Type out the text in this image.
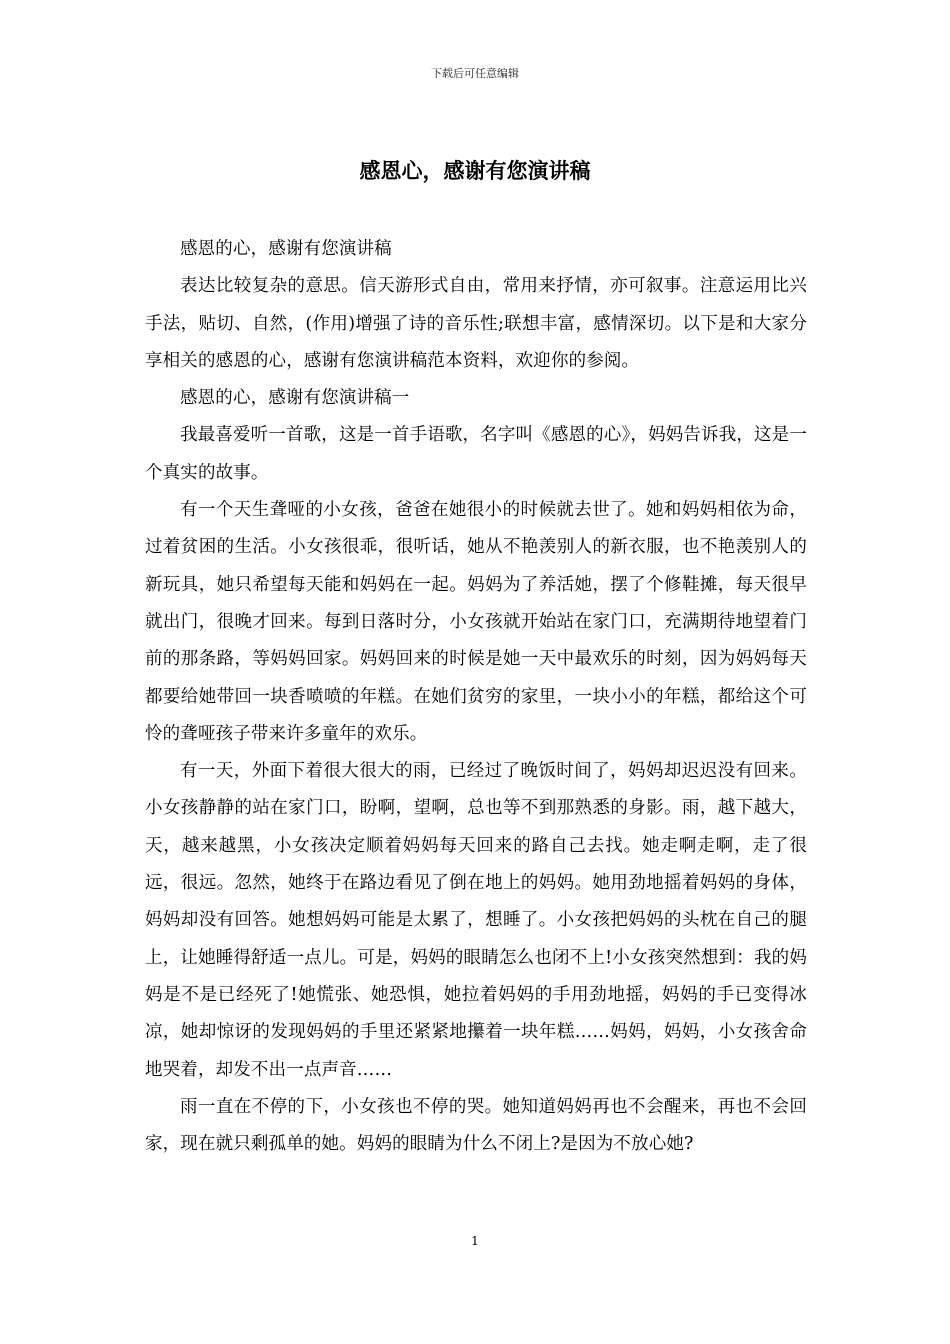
下载后可任意编辑
感恩心，感谢有您演讲稿

感恩的心，感谢有您演讲稿

表达比较复杂的意思。信天游形式自由，常用来抒情，亦可叙事。注意运用比兴手法，贴切、自然，(作用)增强了诗的音乐性;联想丰富，感情深切。以下是和大家分享相关的感恩的心，感谢有您演讲稿范本资料，欢迎你的参阅。

感恩的心，感谢有您演讲稿一

我最喜爱听一首歌，这是一首手语歌，名字叫《感恩的心》，妈妈告诉我，这是一个真实的故事。

有一个天生聋哑的小女孩，爸爸在她很小的时候就去世了。她和妈妈相依为命，过着贫困的生活。小女孩很乖，很听话，她从不艳羡别人的新衣服，也不艳羡别人的新玩具，她只希望每天能和妈妈在一起。妈妈为了养活她，摆了个修鞋摊，每天很早就出门，很晚才回来。每到日落时分，小女孩就开始站在家门口，充满期待地望着门前的那条路，等妈妈回家。妈妈回来的时候是她一天中最欢乐的时刻，因为妈妈每天都要给她带回一块香喷喷的年糕。在她们贫穷的家里，一块小小的年糕，都给这个可怜的聋哑孩子带来许多童年的欢乐。

有一天，外面下着很大很大的雨，已经过了晚饭时间了，妈妈却迟迟没有回来。小女孩静静的站在家门口，盼啊，望啊，总也等不到那熟悉的身影。雨，越下越大，天，越来越黑，小女孩决定顺着妈妈每天回来的路自己去找。她走啊走啊，走了很远，很远。忽然，她终于在路边看见了倒在地上的妈妈。她用劲地摇着妈妈的身体，妈妈却没有回答。她想妈妈可能是太累了，想睡了。小女孩把妈妈的头枕在自己的腿上，让她睡得舒适一点儿。可是，妈妈的眼睛怎么也闭不上!小女孩突然想到：我的妈妈是不是已经死了!她慌张、她恐惧，她拉着妈妈的手用劲地摇，妈妈的手已变得冰凉，她却惊讶的发现妈妈的手里还紧紧地攥着一块年糕……妈妈，妈妈，小女孩舍命地哭着，却发不出一点声音……

雨一直在不停的下，小女孩也不停的哭。她知道妈妈再也不会醒来，再也不会回家，现在就只剩孤单的她。妈妈的眼睛为什么不闭上?是因为不放心她?

1
